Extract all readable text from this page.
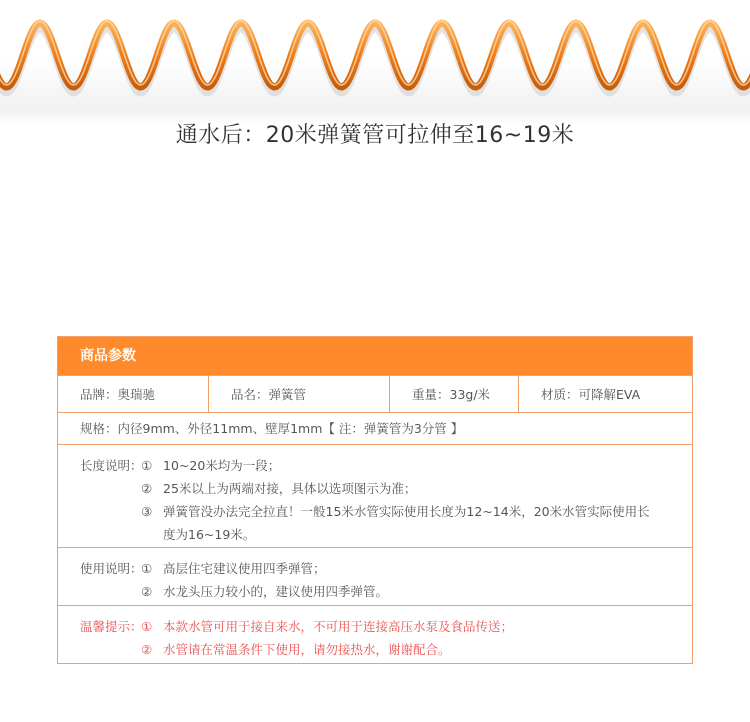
通水后：20米弹簧管可拉伸至16~19米
商品参数
品牌：奥瑞驰	品名：弹簧管	重量：33g/米	材质：可降解EVA
规格：内径9mm、外径11mm、壁厚1mm【 注：弹簧管为3分管 】
长度说明：
① 10~20米均为一段；
② 25米以上为两端对接，具体以选项图示为准；
③ 弹簧管没办法完全拉直！一般15米水管实际使用长度为12~14米，20米水管实际使用长
度为16~19米。
使用说明：
① 高层住宅建议使用四季弹管；
② 水龙头压力较小的，建议使用四季弹管。
温馨提示：
① 本款水管可用于接自来水，不可用于连接高压水泵及食品传送；
② 水管请在常温条件下使用，请勿接热水，谢谢配合。
